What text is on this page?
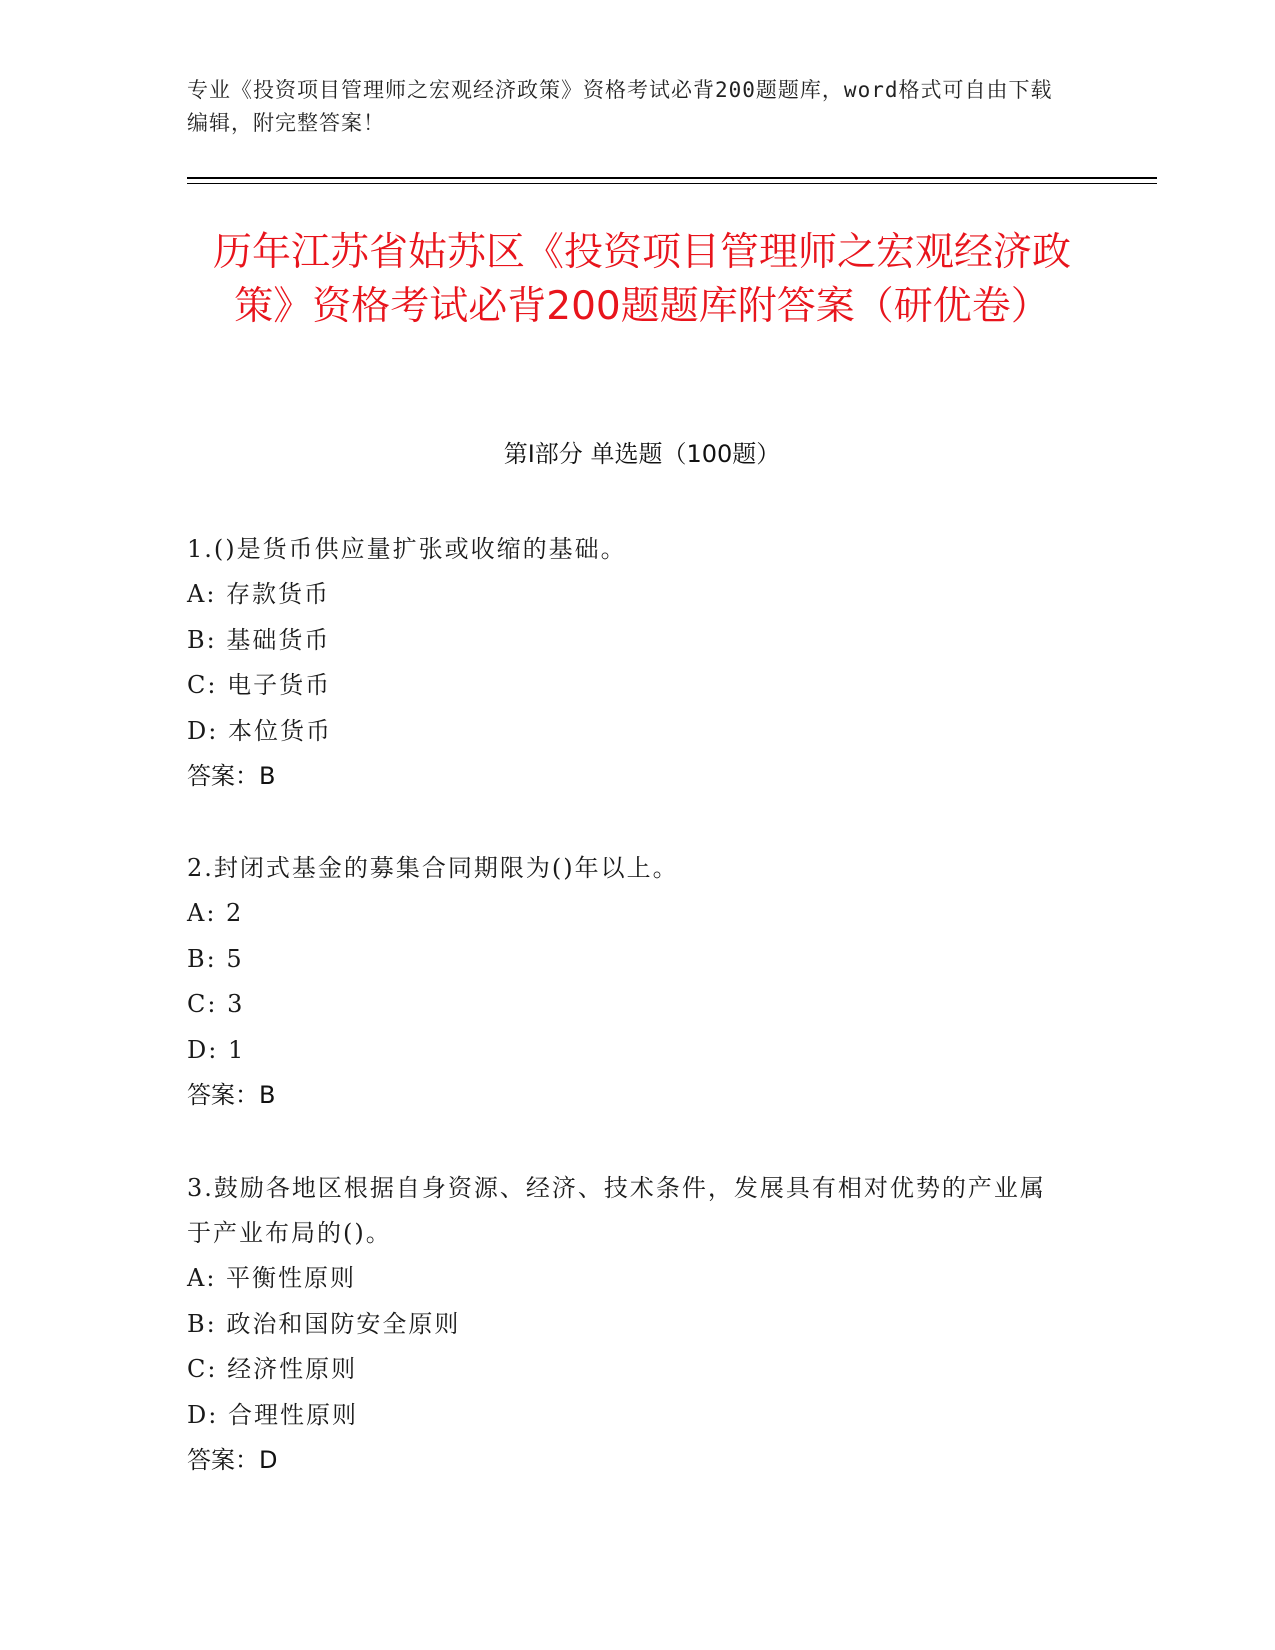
专业《投资项目管理师之宏观经济政策》资格考试必背200题题库，word格式可自由下载编辑，附完整答案！
历年江苏省姑苏区《投资项目管理师之宏观经济政策》资格考试必背200题题库附答案（研优卷）
第I部分 单选题（100题）
1.()是货币供应量扩张或收缩的基础。
A: 存款货币
B: 基础货币
C: 电子货币
D: 本位货币
答案：B
2.封闭式基金的募集合同期限为()年以上。
A: 2
B: 5
C: 3
D: 1
答案：B
3.鼓励各地区根据自身资源、经济、技术条件，发展具有相对优势的产业属于产业布局的()。
A: 平衡性原则
B: 政治和国防安全原则
C: 经济性原则
D: 合理性原则
答案：D
